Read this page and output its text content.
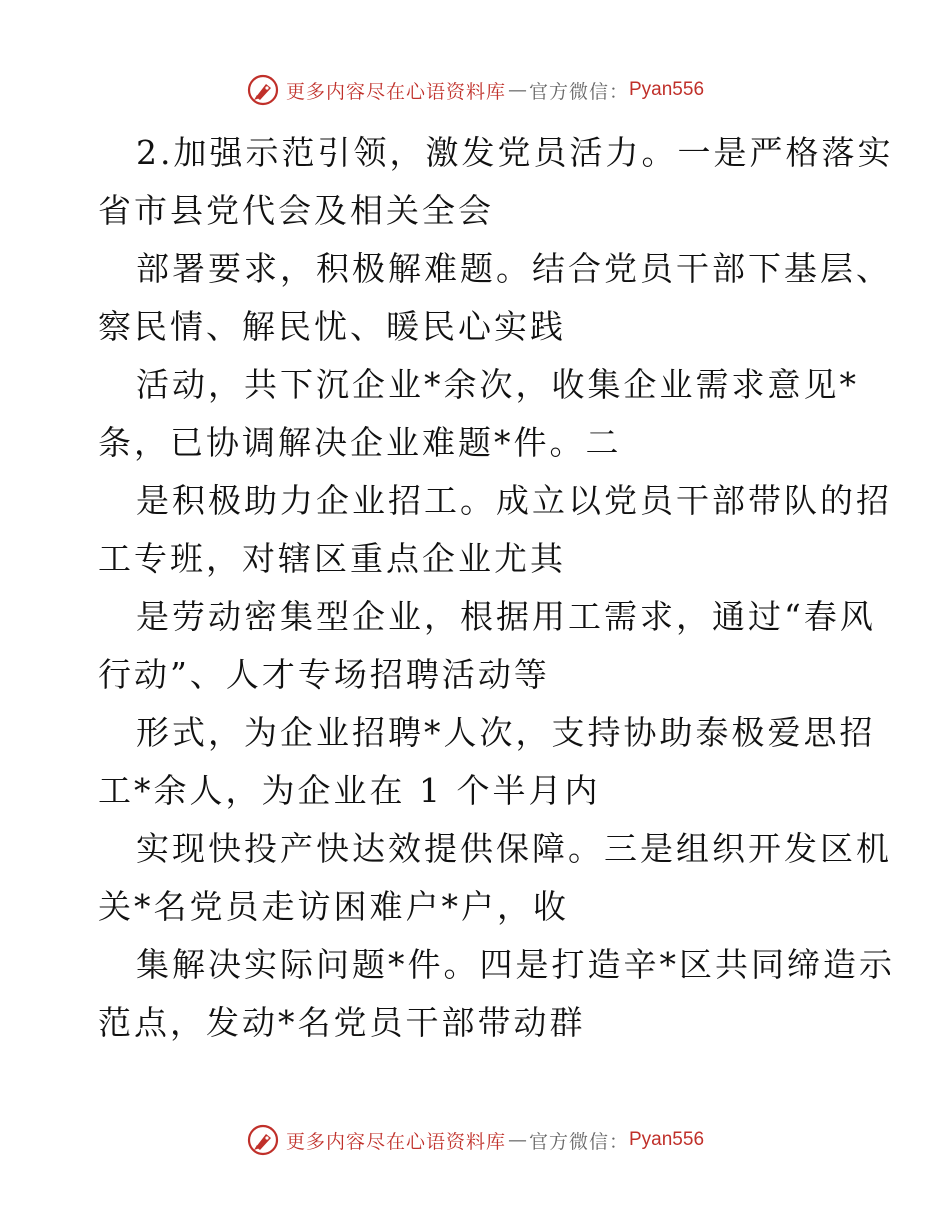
更多内容尽在心语资料库 — 官方微信： Pyan556

2.加强示范引领，激发党员活力。一是严格落实
省市县党代会及相关全会

部署要求，积极解难题。结合党员干部下基层、
察民情、解民忧、暖民心实践

活动，共下沉企业*余次，收集企业需求意见*
条，已协调解决企业难题*件。二

是积极助力企业招工。成立以党员干部带队的招
工专班，对辖区重点企业尤其

是劳动密集型企业，根据用工需求，通过“春风
行动”、人才专场招聘活动等

形式，为企业招聘*人次，支持协助泰极爱思招
工*余人，为企业在 1 个半月内

实现快投产快达效提供保障。三是组织开发区机
关*名党员走访困难户*户，收

集解决实际问题*件。四是打造辛*区共同缔造示
范点，发动*名党员干部带动群

更多内容尽在心语资料库 — 官方微信： Pyan556
